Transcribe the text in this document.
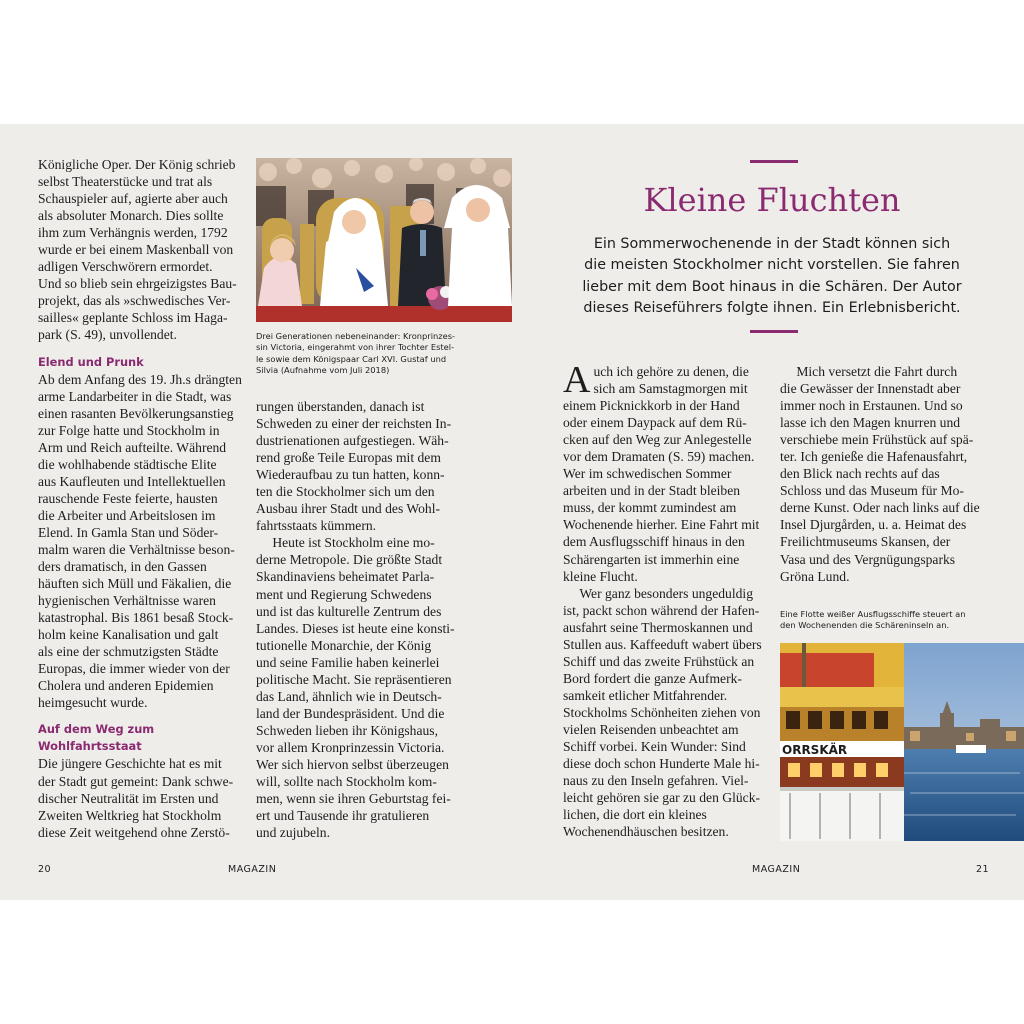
Königliche Oper. Der König schrieb
selbst Theaterstücke und trat als
Schauspieler auf, agierte aber auch
als absoluter Monarch. Dies sollte
ihm zum Verhängnis werden, 1792
wurde er bei einem Maskenball von
adligen Verschwörern ermordet.
Und so blieb sein ehrgeizigstes Bau-
projekt, das als »schwedisches Ver-
sailles« geplante Schloss im Haga-
park (S. 49), unvollendet.

Elend und Prunk

Ab dem Anfang des 19. Jh.s drängten
arme Landarbeiter in die Stadt, was
einen rasanten Bevölkerungsanstieg
zur Folge hatte und Stockholm in
Arm und Reich aufteilte. Während
die wohlhabende städtische Elite
aus Kaufleuten und Intellektuellen
rauschende Feste feierte, hausten
die Arbeiter und Arbeitslosen im
Elend. In Gamla Stan und Söder-
malm waren die Verhältnisse beson-
ders dramatisch, in den Gassen
häuften sich Müll und Fäkalien, die
hygienischen Verhältnisse waren
katastrophal. Bis 1861 besaß Stock-
holm keine Kanalisation und galt
als eine der schmutzigsten Städte
Europas, die immer wieder von der
Cholera und anderen Epidemien
heimgesucht wurde.

Auf dem Weg zum Wohlfahrtsstaat

Die jüngere Geschichte hat es mit
der Stadt gut gemeint: Dank schwe-
discher Neutralität im Ersten und
Zweiten Weltkrieg hat Stockholm
diese Zeit weitgehend ohne Zerstö-
Drei Generationen nebeneinander: Kronprinzes-
sin Victoria, eingerahmt von ihrer Tochter Estel-
le sowie dem Königspaar Carl XVI. Gustaf und
Silvia (Aufnahme vom Juli 2018)
rungen überstanden, danach ist
Schweden zu einer der reichsten In-
dustrienationen aufgestiegen. Wäh-
rend große Teile Europas mit dem
Wiederaufbau zu tun hatten, konn-
ten die Stockholmer sich um den
Ausbau ihrer Stadt und des Wohl-
fahrtsstaats kümmern.
Heute ist Stockholm eine mo-
derne Metropole. Die größte Stadt
Skandinaviens beheimatet Parla-
ment und Regierung Schwedens
und ist das kulturelle Zentrum des
Landes. Dieses ist heute eine konsti-
tutionelle Monarchie, der König
und seine Familie haben keinerlei
politische Macht. Sie repräsentieren
das Land, ähnlich wie in Deutsch-
land der Bundespräsident. Und die
Schweden lieben ihr Königshaus,
vor allem Kronprinzessin Victoria.
Wer sich hiervon selbst überzeugen
will, sollte nach Stockholm kom-
men, wenn sie ihren Geburtstag fei-
ert und Tausende ihr gratulieren
und zujubeln.
20	MAGAZIN
Kleine Fluchten
Ein Sommerwochenende in der Stadt können sich
die meisten Stockholmer nicht vorstellen. Sie fahren
lieber mit dem Boot hinaus in die Schären. Der Autor
dieses Reiseführers folgte ihnen. Ein Erlebnisbericht.
A uch ich gehöre zu denen, die
sich am Samstagmorgen mit
einem Picknickkorb in der Hand
oder einem Daypack auf dem Rü-
cken auf den Weg zur Anlegestelle
vor dem Dramaten (S. 59) machen.
Wer im schwedischen Sommer
arbeiten und in der Stadt bleiben
muss, der kommt zumindest am
Wochenende hierher. Eine Fahrt mit
dem Ausflugsschiff hinaus in den
Schärengarten ist immerhin eine
kleine Flucht.
Wer ganz besonders ungeduldig
ist, packt schon während der Hafen-
ausfahrt seine Thermoskannen und
Stullen aus. Kaffeeduft wabert übers
Schiff und das zweite Frühstück an
Bord fordert die ganze Aufmerk-
samkeit etlicher Mitfahrender.
Stockholms Schönheiten ziehen von
vielen Reisenden unbeachtet am
Schiff vorbei. Kein Wunder: Sind
diese doch schon Hunderte Male hi-
naus zu den Inseln gefahren. Viel-
leicht gehören sie gar zu den Glück-
lichen, die dort ein kleines
Wochenendhäuschen besitzen.
Mich versetzt die Fahrt durch
die Gewässer der Innenstadt aber
immer noch in Erstaunen. Und so
lasse ich den Magen knurren und
verschiebe mein Frühstück auf spä-
ter. Ich genieße die Hafenausfahrt,
den Blick nach rechts auf das
Schloss und das Museum für Mo-
derne Kunst. Oder nach links auf die
Insel Djurgården, u. a. Heimat des
Freilichtmuseums Skansen, der
Vasa und des Vergnügungsparks
Gröna Lund.
Eine Flotte weißer Ausflugsschiffe steuert an
den Wochenenden die Schäreninseln an.
ORRSKÄR
MAGAZIN	21
